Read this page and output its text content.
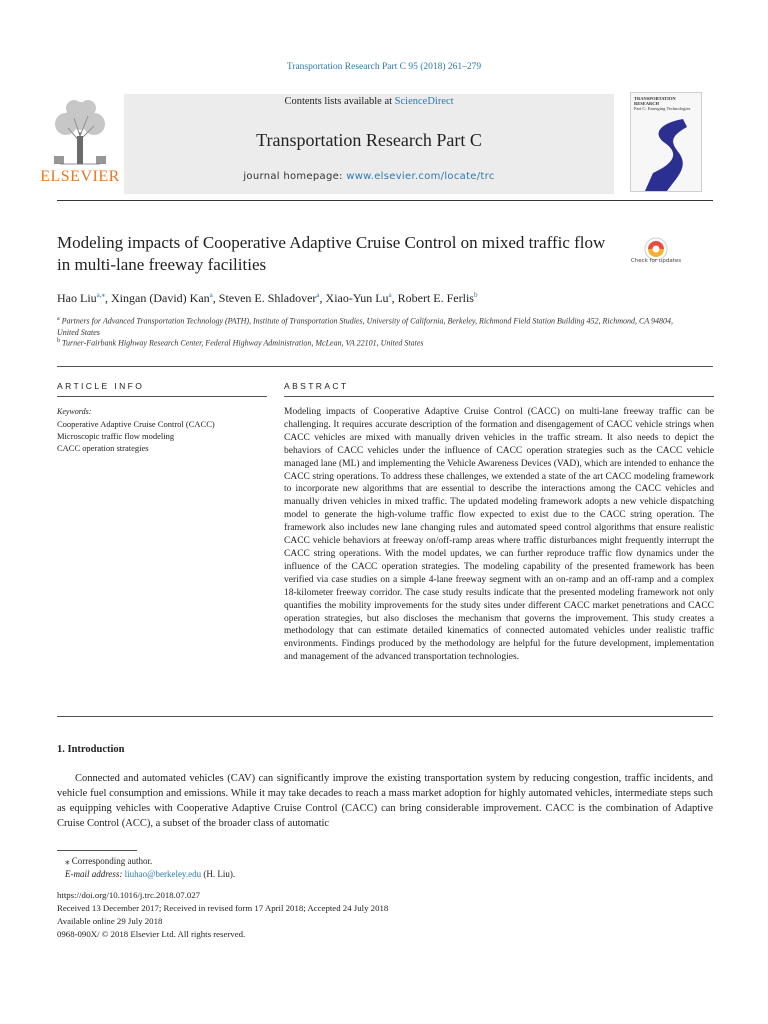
Transportation Research Part C 95 (2018) 261–279
Contents lists available at ScienceDirect
Transportation Research Part C
journal homepage: www.elsevier.com/locate/trc
ELSEVIER
TRANSPORTATION RESEARCH
Part C: Emerging Technologies
Modeling impacts of Cooperative Adaptive Cruise Control on mixed traffic flow in multi-lane freeway facilities	Check for updates
Hao Liu$^{a,⁎}$, Xingan (David) Kan$^a$, Steven E. Shladover$^a$, Xiao-Yun Lu$^a$, Robert E. Ferlis$^b$
$^a$ Partners for Advanced Transportation Technology (PATH), Institute of Transportation Studies, University of California, Berkeley, Richmond Field Station Building 452, Richmond, CA 94804, United States
$^b$ Turner-Fairbank Highway Research Center, Federal Highway Administration, McLean, VA 22101, United States
ARTICLE INFO	ABSTRACT
Keywords:
Cooperative Adaptive Cruise Control (CACC)
Microscopic traffic flow modeling
CACC operation strategies
Modeling impacts of Cooperative Adaptive Cruise Control (CACC) on multi-lane freeway traffic can be challenging. It requires accurate description of the formation and disengagement of CACC vehicle strings when CACC vehicles are mixed with manually driven vehicles in the traffic stream. It also needs to depict the behaviors of CACC vehicles under the influence of CACC operation strategies such as the CACC vehicle managed lane (ML) and implementing the Vehicle Awareness Devices (VAD), which are intended to enhance the CACC string operations. To address these challenges, we extended a state of the art CACC modeling framework to incorporate new algorithms that are essential to describe the interactions among the CACC vehicles and manually driven vehicles in mixed traffic. The updated modeling framework adopts a new vehicle dispatching model to generate the high-volume traffic flow expected to exist due to the CACC string operation. The framework also includes new lane changing rules and automated speed control algorithms that ensure realistic CACC vehicle behaviors at freeway on/off-ramp areas where traffic disturbances might frequently interrupt the CACC string operations. With the model updates, we can further reproduce traffic flow dynamics under the influence of the CACC operation strategies. The modeling capability of the presented framework has been verified via case studies on a simple 4-lane freeway segment with an on-ramp and an off-ramp and a complex 18-kilometer freeway corridor. The case study results indicate that the presented modeling framework not only quantifies the mobility improvements for the study sites under different CACC market penetrations and CACC operation strategies, but also discloses the mechanism that governs the improvement. This study creates a methodology that can estimate detailed kinematics of connected automated vehicles under realistic traffic environments. Findings produced by the methodology are helpful for the future development, implementation and management of the advanced transportation technologies.
1. Introduction
Connected and automated vehicles (CAV) can significantly improve the existing transportation system by reducing congestion, traffic incidents, and vehicle fuel consumption and emissions. While it may take decades to reach a mass market adoption for highly automated vehicles, intermediate steps such as equipping vehicles with Cooperative Adaptive Cruise Control (CACC) can bring considerable improvement. CACC is the combination of Adaptive Cruise Control (ACC), a subset of the broader class of automatic
⁎ Corresponding author.
E-mail address: liuhao@berkeley.edu (H. Liu).
https://doi.org/10.1016/j.trc.2018.07.027
Received 13 December 2017; Received in revised form 17 April 2018; Accepted 24 July 2018
Available online 29 July 2018
0968-090X/ © 2018 Elsevier Ltd. All rights reserved.
